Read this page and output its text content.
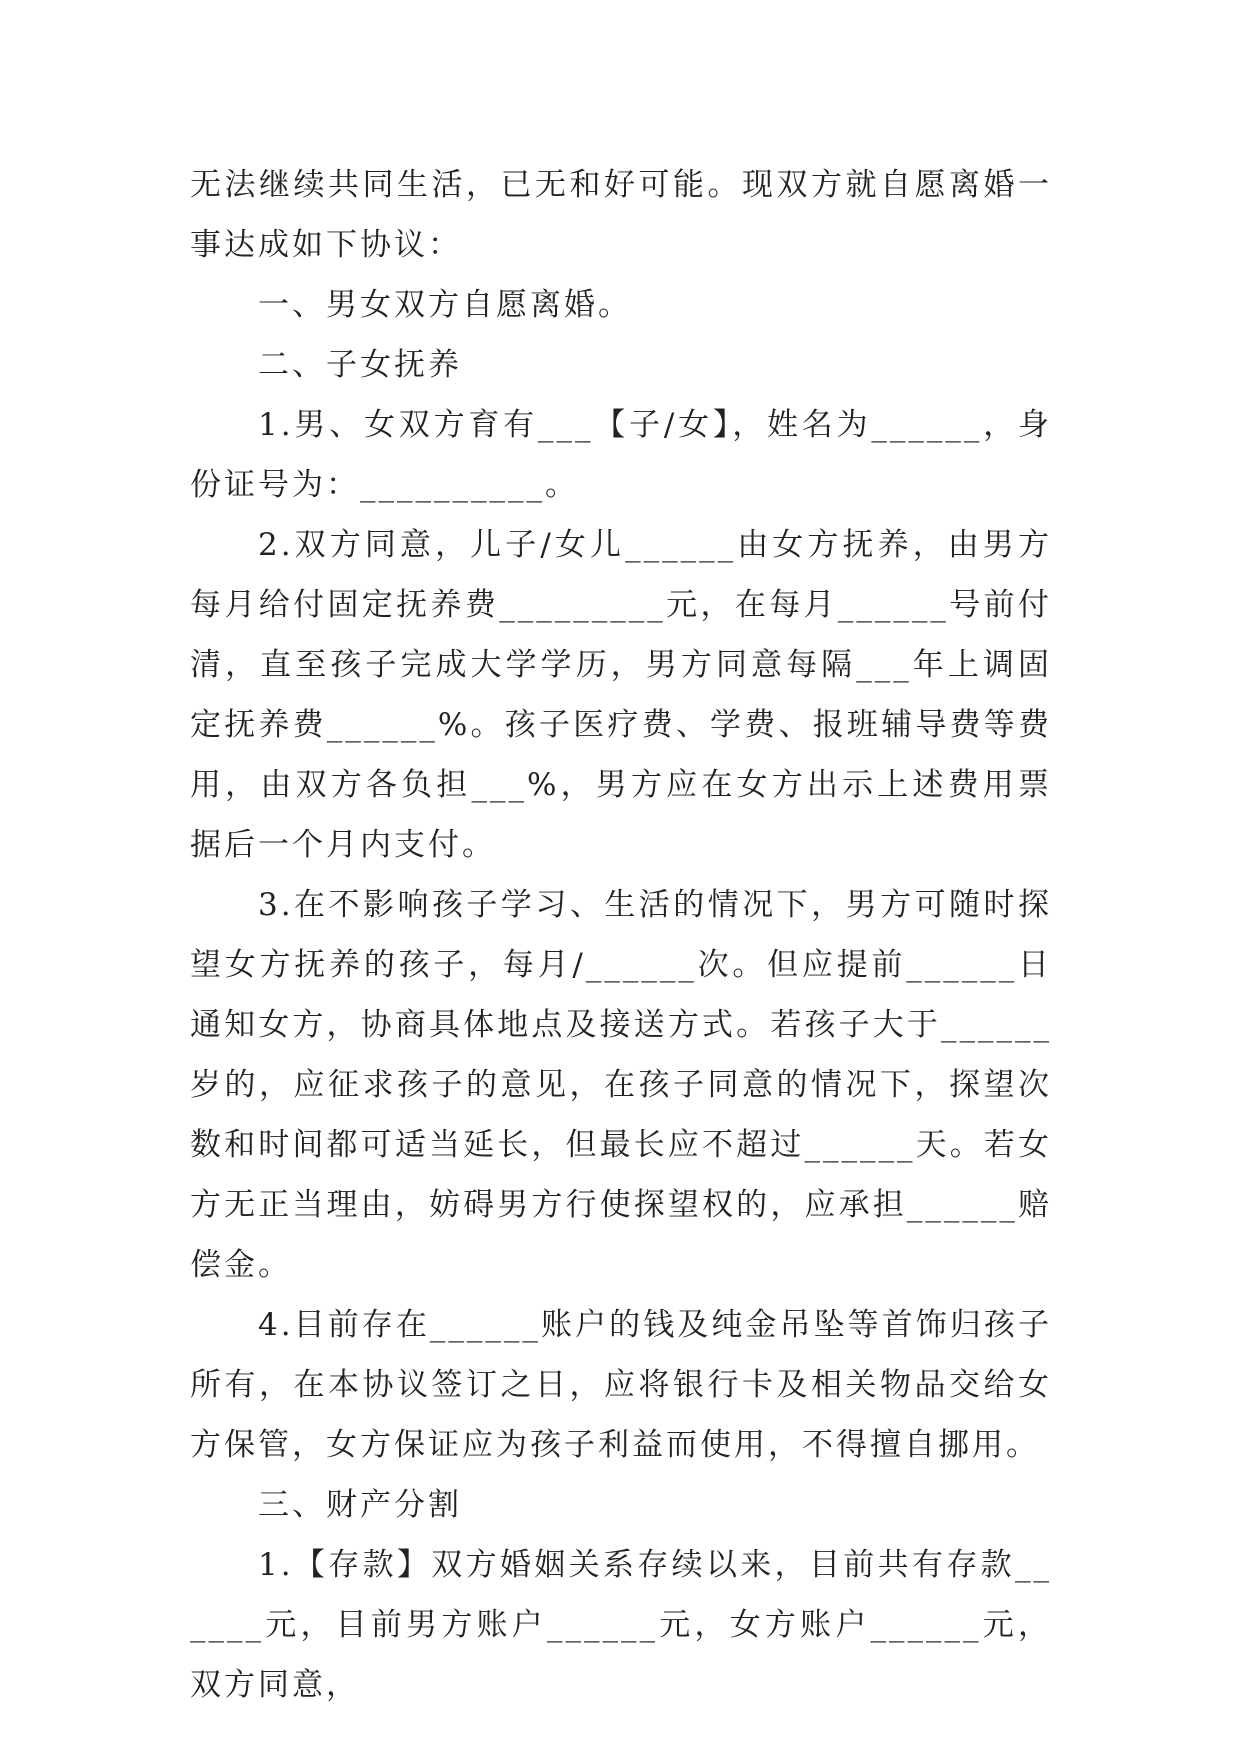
无法继续共同生活，已无和好可能。现双方就自愿离婚一事达成如下协议：

一、男女双方自愿离婚。

二、子女抚养

1.男、女双方育有___【子/女】，姓名为______，身份证号为：__________。

2.双方同意，儿子/女儿______由女方抚养，由男方每月给付固定抚养费_________元，在每月______号前付清，直至孩子完成大学学历，男方同意每隔___年上调固定抚养费______%。孩子医疗费、学费、报班辅导费等费用，由双方各负担___%，男方应在女方出示上述费用票据后一个月内支付。

3.在不影响孩子学习、生活的情况下，男方可随时探望女方抚养的孩子，每月/______次。但应提前______日通知女方，协商具体地点及接送方式。若孩子大于______岁的，应征求孩子的意见，在孩子同意的情况下，探望次数和时间都可适当延长，但最长应不超过______天。若女方无正当理由，妨碍男方行使探望权的，应承担______赔偿金。

4.目前存在______账户的钱及纯金吊坠等首饰归孩子所有，在本协议签订之日，应将银行卡及相关物品交给女方保管，女方保证应为孩子利益而使用，不得擅自挪用。

三、财产分割

1.【存款】双方婚姻关系存续以来，目前共有存款______元，目前男方账户______元，女方账户______元，双方同意，
